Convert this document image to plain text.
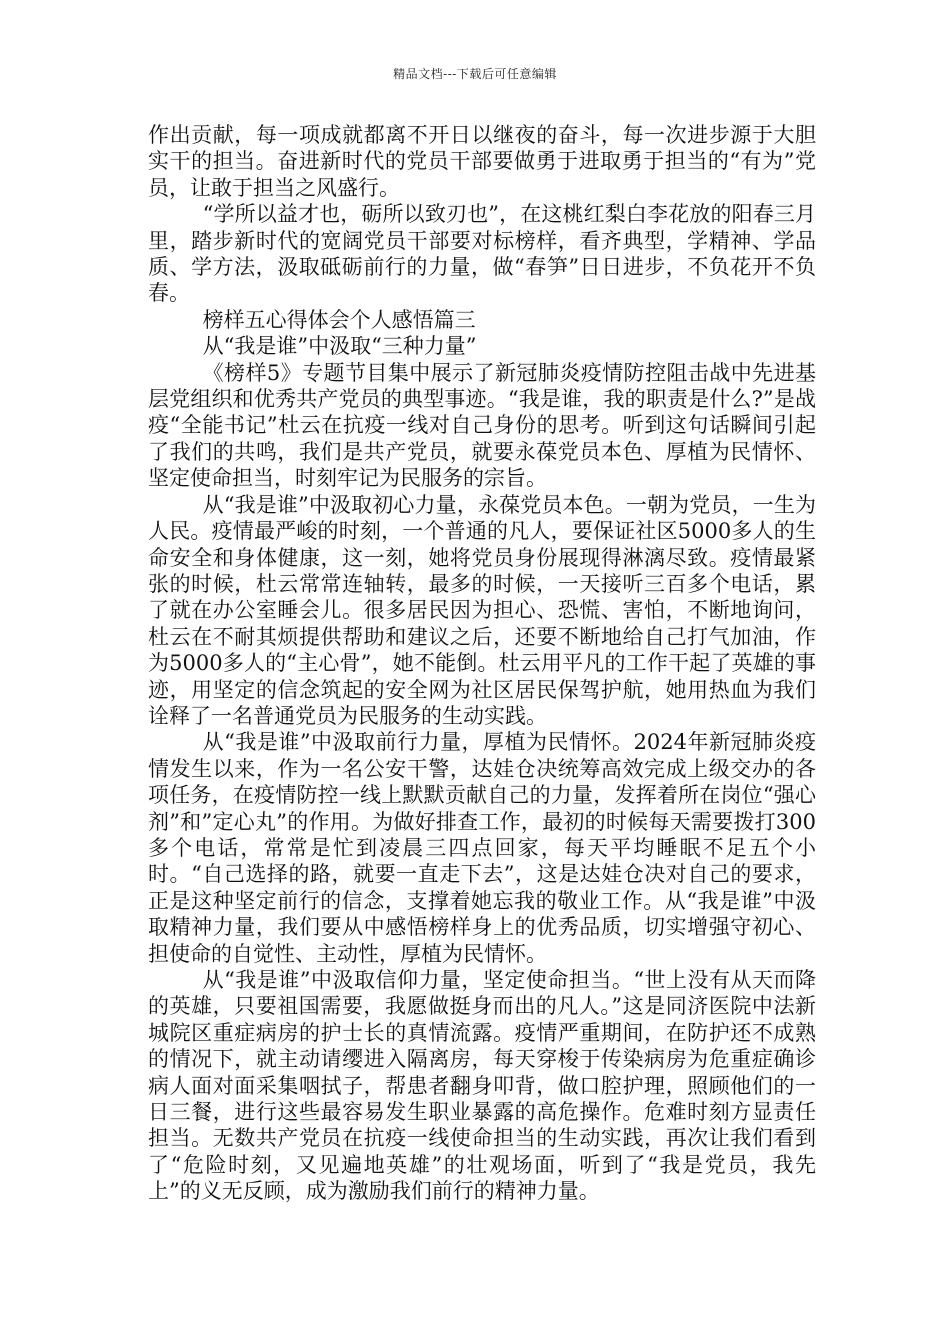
精品文档---下载后可任意编辑

作出贡献，每一项成就都离不开日以继夜的奋斗，每一次进步源于大胆实干的担当。奋进新时代的党员干部要做勇于进取勇于担当的“有为”党员，让敢于担当之风盛行。

“学所以益才也，砺所以致刃也”，在这桃红梨白李花放的阳春三月里，踏步新时代的宽阔党员干部要对标榜样，看齐典型，学精神、学品质、学方法，汲取砥砺前行的力量，做“春笋”日日进步，不负花开不负春。

榜样五心得体会个人感悟篇三

从“我是谁”中汲取“三种力量”

《榜样5》专题节目集中展示了新冠肺炎疫情防控阻击战中先进基层党组织和优秀共产党员的典型事迹。“我是谁，我的职责是什么?”是战疫“全能书记”杜云在抗疫一线对自己身份的思考。听到这句话瞬间引起了我们的共鸣，我们是共产党员，就要永葆党员本色、厚植为民情怀、坚定使命担当，时刻牢记为民服务的宗旨。

从“我是谁”中汲取初心力量，永葆党员本色。一朝为党员，一生为人民。疫情最严峻的时刻，一个普通的凡人，要保证社区5000多人的生命安全和身体健康，这一刻，她将党员身份展现得淋漓尽致。疫情最紧张的时候，杜云常常连轴转，最多的时候，一天接听三百多个电话，累了就在办公室睡会儿。很多居民因为担心、恐慌、害怕，不断地询问，杜云在不耐其烦提供帮助和建议之后，还要不断地给自己打气加油，作为5000多人的“主心骨”，她不能倒。杜云用平凡的工作干起了英雄的事迹，用坚定的信念筑起的安全网为社区居民保驾护航，她用热血为我们诠释了一名普通党员为民服务的生动实践。

从“我是谁”中汲取前行力量，厚植为民情怀。2024年新冠肺炎疫情发生以来，作为一名公安干警，达娃仓决统筹高效完成上级交办的各项任务，在疫情防控一线上默默贡献自己的力量，发挥着所在岗位“强心剂”和”定心丸”的作用。为做好排查工作，最初的时候每天需要拨打300多个电话，常常是忙到凌晨三四点回家，每天平均睡眠不足五个小时。“自己选择的路，就要一直走下去”，这是达娃仓决对自己的要求，正是这种坚定前行的信念，支撑着她忘我的敬业工作。从“我是谁”中汲取精神力量，我们要从中感悟榜样身上的优秀品质，切实增强守初心、担使命的自觉性、主动性，厚植为民情怀。

从“我是谁”中汲取信仰力量，坚定使命担当。“世上没有从天而降的英雄，只要祖国需要，我愿做挺身而出的凡人。”这是同济医院中法新城院区重症病房的护士长的真情流露。疫情严重期间，在防护还不成熟的情况下，就主动请缨进入隔离房，每天穿梭于传染病房为危重症确诊病人面对面采集咽拭子，帮患者翻身叩背，做口腔护理，照顾他们的一日三餐，进行这些最容易发生职业暴露的高危操作。危难时刻方显责任担当。无数共产党员在抗疫一线使命担当的生动实践，再次让我们看到了“危险时刻，又见遍地英雄”的壮观场面，听到了“我是党员，我先上”的义无反顾，成为激励我们前行的精神力量。
